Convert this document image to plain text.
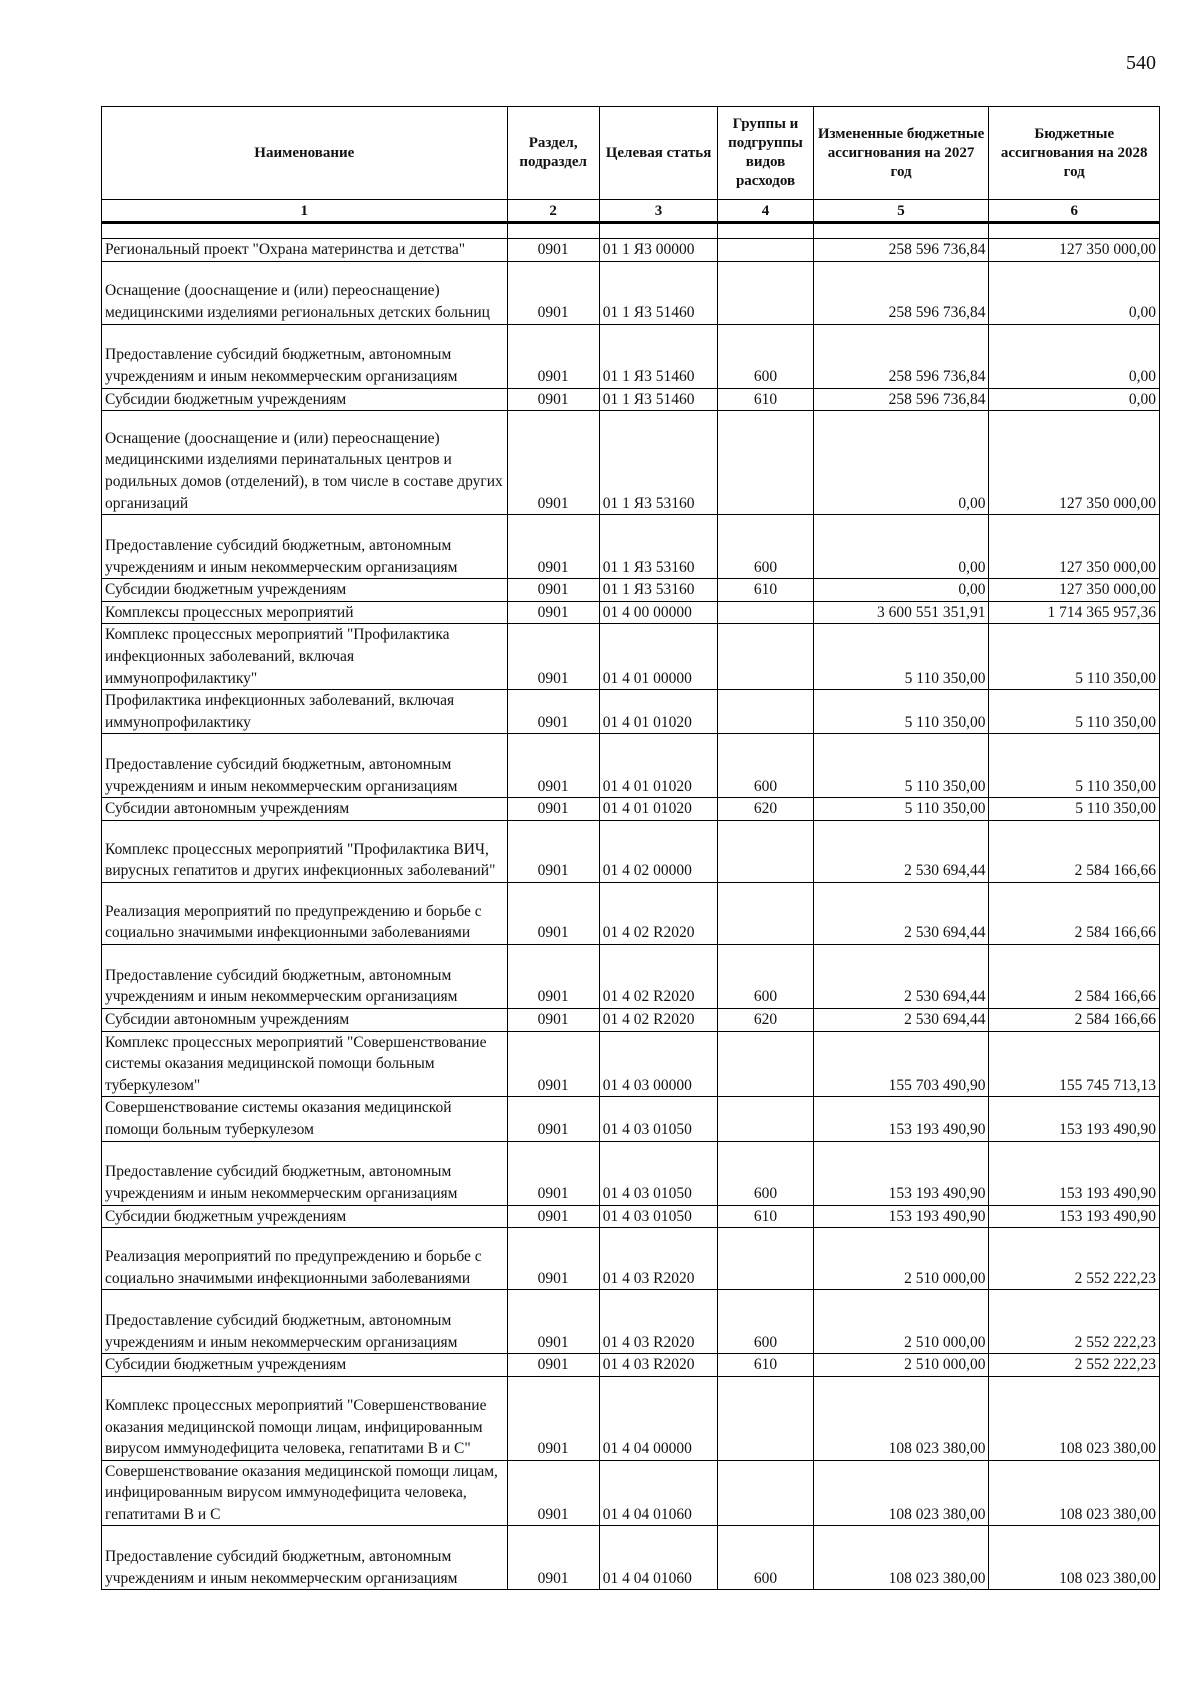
540
Наименование	Раздел, подраздел	Целевая статья	Группы и подгруппы видов расходов	Измененные бюджетные ассигнования на 2027 год	Бюджетные ассигнования на 2028 год
1	2	3	4	5	6

Региональный проект "Охрана материнства и детства"	0901	01 1 Я3 00000		258 596 736,84	127 350 000,00
Оснащение (дооснащение и (или) переоснащение) медицинскими изделиями региональных детских больниц	0901	01 1 Я3 51460		258 596 736,84	0,00
Предоставление субсидий бюджетным, автономным учреждениям и иным некоммерческим организациям	0901	01 1 Я3 51460	600	258 596 736,84	0,00
Субсидии бюджетным учреждениям	0901	01 1 Я3 51460	610	258 596 736,84	0,00
Оснащение (дооснащение и (или) переоснащение) медицинскими изделиями перинатальных центров и родильных домов (отделений), в том числе в составе других организаций	0901	01 1 Я3 53160		0,00	127 350 000,00
Предоставление субсидий бюджетным, автономным учреждениям и иным некоммерческим организациям	0901	01 1 Я3 53160	600	0,00	127 350 000,00
Субсидии бюджетным учреждениям	0901	01 1 Я3 53160	610	0,00	127 350 000,00
Комплексы процессных мероприятий	0901	01 4 00 00000		3 600 551 351,91	1 714 365 957,36
Комплекс процессных мероприятий "Профилактика инфекционных заболеваний, включая иммунопрофилактику"	0901	01 4 01 00000		5 110 350,00	5 110 350,00
Профилактика инфекционных заболеваний, включая иммунопрофилактику	0901	01 4 01 01020		5 110 350,00	5 110 350,00
Предоставление субсидий бюджетным, автономным учреждениям и иным некоммерческим организациям	0901	01 4 01 01020	600	5 110 350,00	5 110 350,00
Субсидии автономным учреждениям	0901	01 4 01 01020	620	5 110 350,00	5 110 350,00
Комплекс процессных мероприятий "Профилактика ВИЧ, вирусных гепатитов и других инфекционных заболеваний"	0901	01 4 02 00000		2 530 694,44	2 584 166,66
Реализация мероприятий по предупреждению и борьбе с социально значимыми инфекционными заболеваниями	0901	01 4 02 R2020		2 530 694,44	2 584 166,66
Предоставление субсидий бюджетным, автономным учреждениям и иным некоммерческим организациям	0901	01 4 02 R2020	600	2 530 694,44	2 584 166,66
Субсидии автономным учреждениям	0901	01 4 02 R2020	620	2 530 694,44	2 584 166,66
Комплекс процессных мероприятий "Совершенствование системы оказания медицинской помощи больным туберкулезом"	0901	01 4 03 00000		155 703 490,90	155 745 713,13
Совершенствование системы оказания медицинской помощи больным туберкулезом	0901	01 4 03 01050		153 193 490,90	153 193 490,90
Предоставление субсидий бюджетным, автономным учреждениям и иным некоммерческим организациям	0901	01 4 03 01050	600	153 193 490,90	153 193 490,90
Субсидии бюджетным учреждениям	0901	01 4 03 01050	610	153 193 490,90	153 193 490,90
Реализация мероприятий по предупреждению и борьбе с социально значимыми инфекционными заболеваниями	0901	01 4 03 R2020		2 510 000,00	2 552 222,23
Предоставление субсидий бюджетным, автономным учреждениям и иным некоммерческим организациям	0901	01 4 03 R2020	600	2 510 000,00	2 552 222,23
Субсидии бюджетным учреждениям	0901	01 4 03 R2020	610	2 510 000,00	2 552 222,23
Комплекс процессных мероприятий "Совершенствование оказания медицинской помощи лицам, инфицированным вирусом иммунодефицита человека, гепатитами B и C"	0901	01 4 04 00000		108 023 380,00	108 023 380,00
Совершенствование оказания медицинской помощи лицам, инфицированным вирусом иммунодефицита человека, гепатитами В и С	0901	01 4 04 01060		108 023 380,00	108 023 380,00
Предоставление субсидий бюджетным, автономным учреждениям и иным некоммерческим организациям	0901	01 4 04 01060	600	108 023 380,00	108 023 380,00
